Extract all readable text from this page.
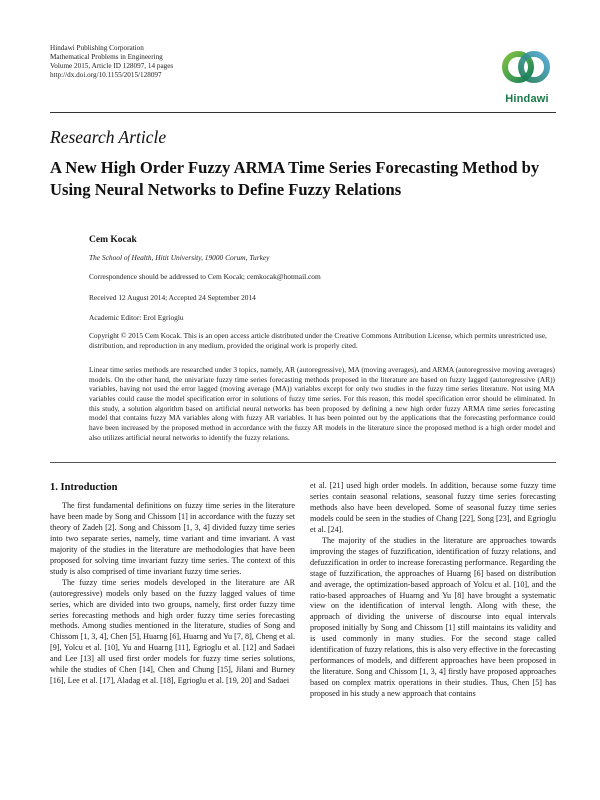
Hindawi Publishing Corporation
Mathematical Problems in Engineering
Volume 2015, Article ID 128097, 14 pages
http://dx.doi.org/10.1155/2015/128097
Hindawi
Research Article
A New High Order Fuzzy ARMA Time Series Forecasting Method by Using Neural Networks to Define Fuzzy Relations
Cem Kocak
The School of Health, Hitit University, 19000 Corum, Turkey
Correspondence should be addressed to Cem Kocak; cemkocak@hotmail.com
Received 12 August 2014; Accepted 24 September 2014
Academic Editor: Erol Egrioglu
Copyright © 2015 Cem Kocak. This is an open access article distributed under the Creative Commons Attribution License, which permits unrestricted use, distribution, and reproduction in any medium, provided the original work is properly cited.
Linear time series methods are researched under 3 topics, namely, AR (autoregressive), MA (moving averages), and ARMA (autoregressive moving averages) models. On the other hand, the univariate fuzzy time series forecasting methods proposed in the literature are based on fuzzy lagged (autoregressive (AR)) variables, having not used the error lagged (moving average (MA)) variables except for only two studies in the fuzzy time series literature. Not using MA variables could cause the model specification error in solutions of fuzzy time series. For this reason, this model specification error should be eliminated. In this study, a solution algorithm based on artificial neural networks has been proposed by defining a new high order fuzzy ARMA time series forecasting model that contains fuzzy MA variables along with fuzzy AR variables. It has been pointed out by the applications that the forecasting performance could have been increased by the proposed method in accordance with the fuzzy AR models in the literature since the proposed method is a high order model and also utilizes artificial neural networks to identify the fuzzy relations.
1. Introduction

The first fundamental definitions on fuzzy time series in the literature have been made by Song and Chissom [1] in accordance with the fuzzy set theory of Zadeh [2]. Song and Chissom [1, 3, 4] divided fuzzy time series into two separate series, namely, time variant and time invariant. A vast majority of the studies in the literature are methodologies that have been proposed for solving time invariant fuzzy time series. The context of this study is also comprised of time invariant fuzzy time series.

The fuzzy time series models developed in the literature are AR (autoregressive) models only based on the fuzzy lagged values of time series, which are divided into two groups, namely, first order fuzzy time series forecasting methods and high order fuzzy time series forecasting methods. Among studies mentioned in the literature, studies of Song and Chissom [1, 3, 4], Chen [5], Huarng [6], Huarng and Yu [7, 8], Cheng et al. [9], Yolcu et al. [10], Yu and Huarng [11], Egrioglu et al. [12] and Sadaei and Lee [13] all used first order models for fuzzy time series solutions, while the studies of Chen [14], Chen and Chung [15], Jilani and Burney [16], Lee et al. [17], Aladag et al. [18], Egrioglu et al. [19, 20] and Sadaei

et al. [21] used high order models. In addition, because some fuzzy time series contain seasonal relations, seasonal fuzzy time series forecasting methods also have been developed. Some of seasonal fuzzy time series models could be seen in the studies of Chang [22], Song [23], and Egrioglu et al. [24].

The majority of the studies in the literature are approaches towards improving the stages of fuzzification, identification of fuzzy relations, and defuzzification in order to increase forecasting performance. Regarding the stage of fuzzification, the approaches of Huarng [6] based on distribution and average, the optimization-based approach of Yolcu et al. [10], and the ratio-based approaches of Huarng and Yu [8] have brought a systematic view on the identification of interval length. Along with these, the approach of dividing the universe of discourse into equal intervals proposed initially by Song and Chissom [1] still maintains its validity and is used commonly in many studies. For the second stage called identification of fuzzy relations, this is also very effective in the forecasting performances of models, and different approaches have been proposed in the literature. Song and Chissom [1, 3, 4] firstly have proposed approaches based on complex matrix operations in their studies. Thus, Chen [5] has proposed in his study a new approach that contains
